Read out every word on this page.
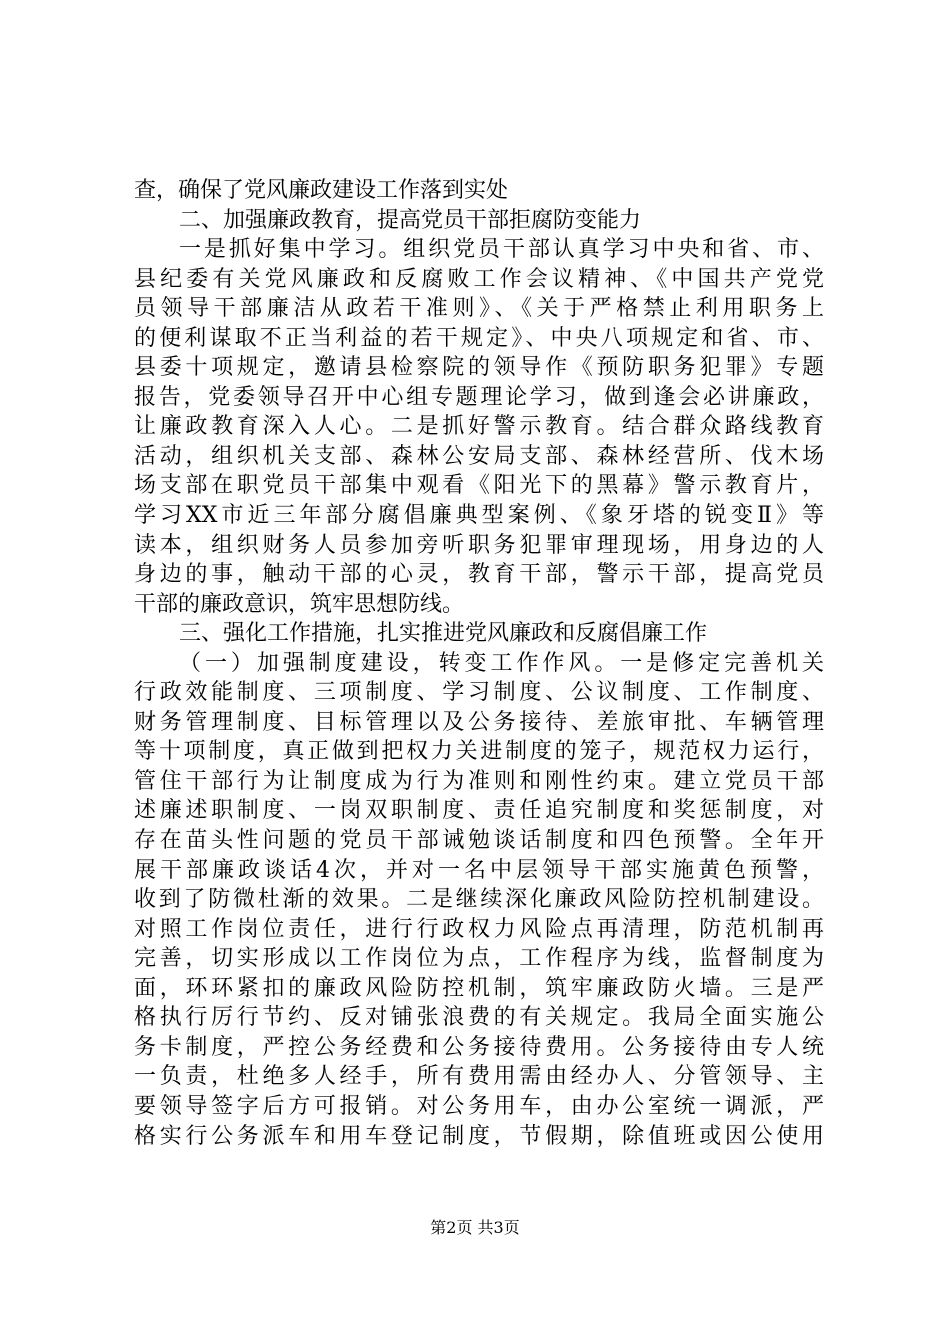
查，确保了党风廉政建设工作落到实处
二、加强廉政教育，提高党员干部拒腐防变能力
一是抓好集中学习。组织党员干部认真学习中央和省、市、
县纪委有关党风廉政和反腐败工作会议精神、《中国共产党党
员领导干部廉洁从政若干准则》、《关于严格禁止利用职务上
的便利谋取不正当利益的若干规定》、中央八项规定和省、市、
县委十项规定，邀请县检察院的领导作《预防职务犯罪》专题
报告，党委领导召开中心组专题理论学习，做到逢会必讲廉政，
让廉政教育深入人心。二是抓好警示教育。结合群众路线教育
活动，组织机关支部、森林公安局支部、森林经营所、伐木场
场支部在职党员干部集中观看《阳光下的黑幕》警示教育片，
学习XX市近三年部分腐倡廉典型案例、《象牙塔的锐变Ⅱ》等
读本，组织财务人员参加旁听职务犯罪审理现场，用身边的人
身边的事，触动干部的心灵，教育干部，警示干部，提高党员
干部的廉政意识，筑牢思想防线。
三、强化工作措施，扎实推进党风廉政和反腐倡廉工作
（一）加强制度建设，转变工作作风。一是修定完善机关
行政效能制度、三项制度、学习制度、公议制度、工作制度、
财务管理制度、目标管理以及公务接待、差旅审批、车辆管理
等十项制度，真正做到把权力关进制度的笼子，规范权力运行，
管住干部行为让制度成为行为准则和刚性约束。建立党员干部
述廉述职制度、一岗双职制度、责任追究制度和奖惩制度，对
存在苗头性问题的党员干部诫勉谈话制度和四色预警。全年开
展干部廉政谈话4次，并对一名中层领导干部实施黄色预警，
收到了防微杜渐的效果。二是继续深化廉政风险防控机制建设。
对照工作岗位责任，进行行政权力风险点再清理，防范机制再
完善，切实形成以工作岗位为点，工作程序为线，监督制度为
面，环环紧扣的廉政风险防控机制，筑牢廉政防火墙。三是严
格执行厉行节约、反对铺张浪费的有关规定。我局全面实施公
务卡制度，严控公务经费和公务接待费用。公务接待由专人统
一负责，杜绝多人经手，所有费用需由经办人、分管领导、主
要领导签字后方可报销。对公务用车，由办公室统一调派，严
格实行公务派车和用车登记制度，节假期，除值班或因公使用
第2页 共3页
